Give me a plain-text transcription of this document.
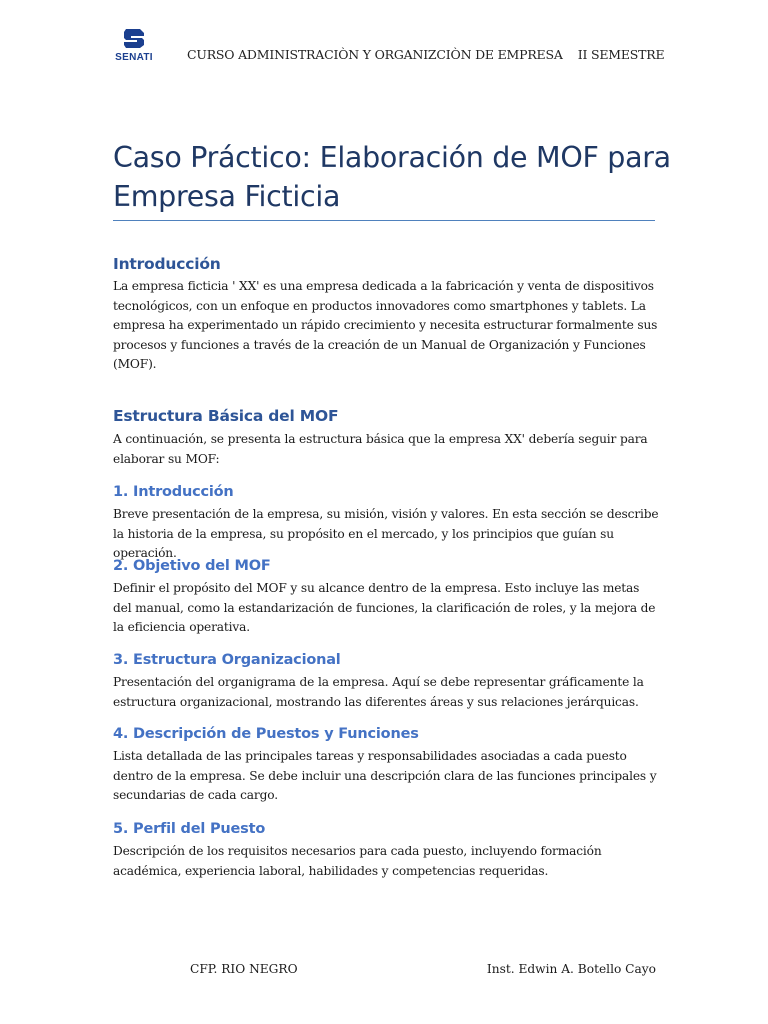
SENATI	CURSO ADMINISTRACIÒN Y ORGANIZCIÒN DE EMPRESA    II SEMESTRE
Caso Práctico: Elaboración de MOF para Empresa Ficticia
Introducción
La empresa ficticia ' XX' es una empresa dedicada a la fabricación y venta de dispositivos tecnológicos, con un enfoque en productos innovadores como smartphones y tablets. La empresa ha experimentado un rápido crecimiento y necesita estructurar formalmente sus procesos y funciones a través de la creación de un Manual de Organización y Funciones (MOF).
Estructura Básica del MOF
A continuación, se presenta la estructura básica que la empresa XX' debería seguir para elaborar su MOF:
1. Introducción
Breve presentación de la empresa, su misión, visión y valores. En esta sección se describe la historia de la empresa, su propósito en el mercado, y los principios que guían su operación.
2. Objetivo del MOF
Definir el propósito del MOF y su alcance dentro de la empresa. Esto incluye las metas del manual, como la estandarización de funciones, la clarificación de roles, y la mejora de la eficiencia operativa.
3. Estructura Organizacional
Presentación del organigrama de la empresa. Aquí se debe representar gráficamente la estructura organizacional, mostrando las diferentes áreas y sus relaciones jerárquicas.
4. Descripción de Puestos y Funciones
Lista detallada de las principales tareas y responsabilidades asociadas a cada puesto dentro de la empresa. Se debe incluir una descripción clara de las funciones principales y secundarias de cada cargo.
5. Perfil del Puesto
Descripción de los requisitos necesarios para cada puesto, incluyendo formación académica, experiencia laboral, habilidades y competencias requeridas.
CFP. RIO NEGRO	Inst. Edwin A. Botello Cayo
